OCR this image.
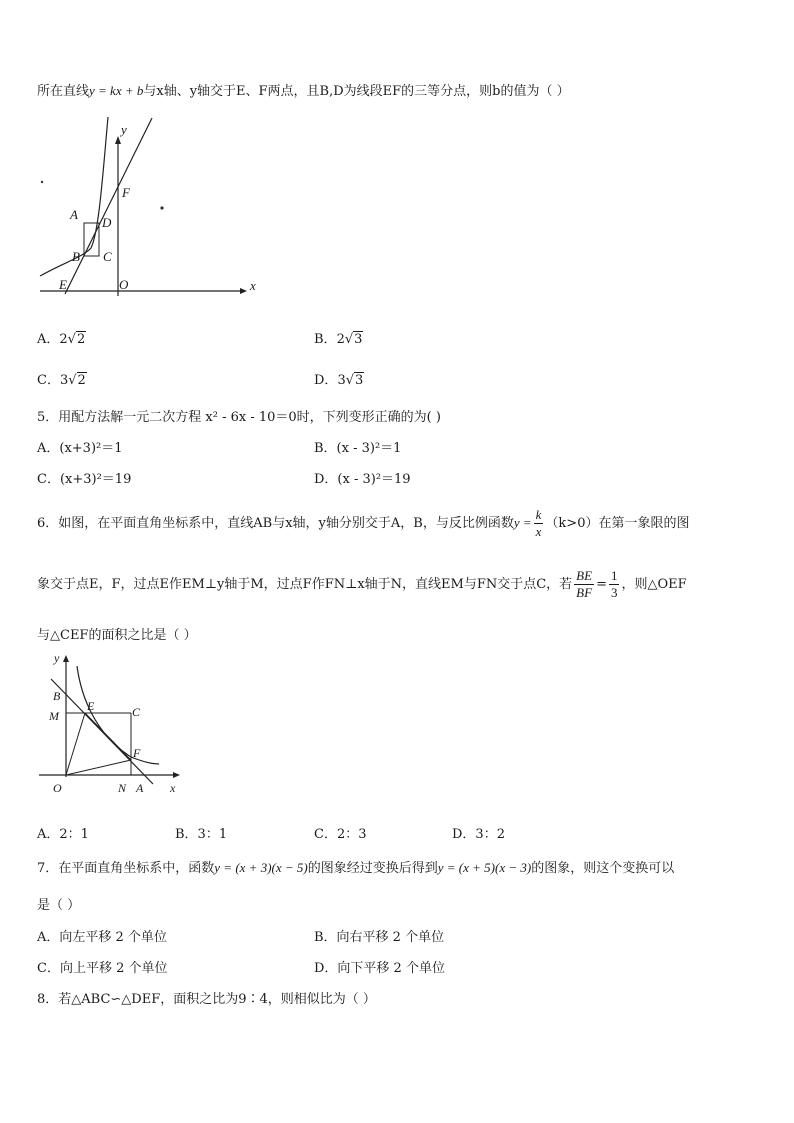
所在直线y = kx + b与x轴、y轴交于E、F两点，且B,D为线段EF的三等分点，则b的值为（ ）
y
F
A
D
B C
E	O	x
A．2√2	B．2√3
C．3√2	D．3√3
5．用配方法解一元二次方程 x² - 6x - 10＝0时，下列变形正确的为( )
A．(x+3)²＝1	B．(x - 3)²＝1
C．(x+3)²＝19	D．(x - 3)²＝19
6．如图，在平面直角坐标系中，直线AB与x轴，y轴分别交于A，B，与反比例函数$y = \frac{k}{x} (k>0)$在第一象限的图
象交于点E，F，过点E作EM⊥y轴于M，过点F作FN⊥x轴于N，直线EM与FN交于点C，若 $\frac{BE}{BF} = \frac{1}{3}$ ，则△OEF
与△CEF的面积之比是（ ）
y
B
M
E	C
F
O	N A x
A．2：1	B．3：1	C．2：3	D．3：2
7．在平面直角坐标系中，函数y = (x + 3)(x − 5)的图象经过变换后得到y = (x + 5)(x − 3)的图象，则这个变换可以
是（ ）
A．向左平移 2 个单位	B．向右平移 2 个单位
C．向上平移 2 个单位	D．向下平移 2 个单位
8．若△ABC∽△DEF，面积之比为9∶4，则相似比为（ ）
